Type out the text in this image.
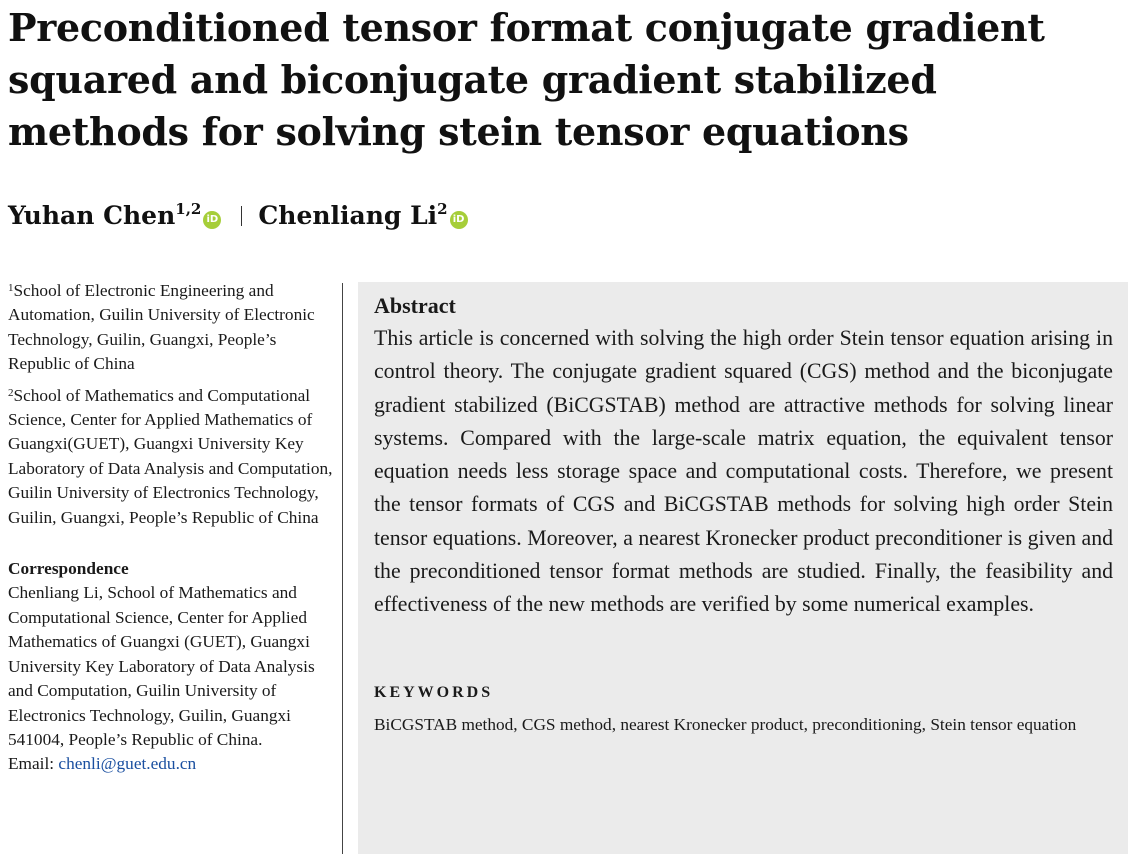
Preconditioned tensor format conjugate gradient squared and biconjugate gradient stabilized methods for solving stein tensor equations
Yuhan Chen$^{1,2}$iD Chenliang Li$^2$iD

$^1$School of Electronic Engineering and Automation, Guilin University of Electronic Technology, Guilin, Guangxi, People’s Republic of China

$^2$School of Mathematics and Computational Science, Center for Applied Mathematics of Guangxi(GUET), Guangxi University Key Laboratory of Data Analysis and Computation, Guilin University of Electronics Technology, Guilin, Guangxi, People’s Republic of China

Correspondence

Chenliang Li, School of Mathematics and Computational Science, Center for Applied Mathematics of Guangxi (GUET), Guangxi University Key Laboratory of Data Analysis and Computation, Guilin University of Electronics Technology, Guilin, Guangxi 541004, People’s Republic of China.

Email: chenli@guet.edu.cn

Abstract

This article is concerned with solving the high order Stein tensor equation arising in control theory. The conjugate gradient squared (CGS) method and the biconjugate gradient stabilized (BiCGSTAB) method are attractive methods for solving linear systems. Compared with the large-scale matrix equation, the equivalent tensor equation needs less storage space and computational costs. Therefore, we present the tensor formats of CGS and BiCGSTAB methods for solving high order Stein tensor equations. Moreover, a nearest Kronecker product preconditioner is given and the preconditioned tensor format methods are studied. Finally, the feasibility and effectiveness of the new methods are verified by some numerical examples.

KEYWORDS

BiCGSTAB method, CGS method, nearest Kronecker product, preconditioning, Stein tensor equation
